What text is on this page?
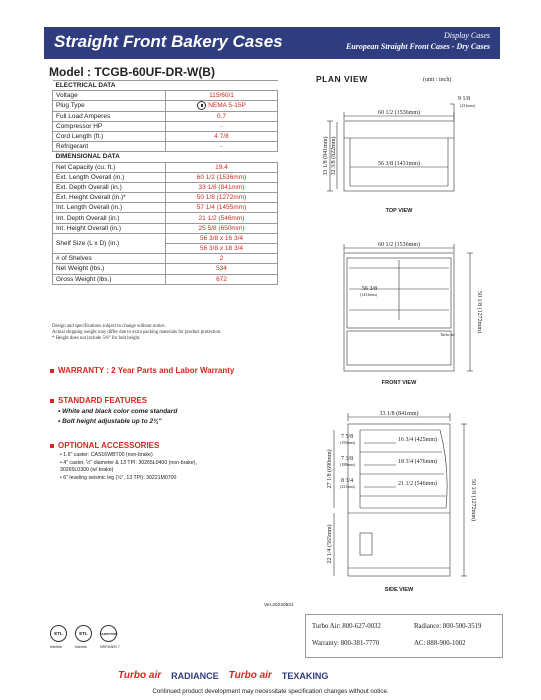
Straight Front Bakery Cases	Display Cases
European Straight Front Cases - Dry Cases
Model : TCGB-60UF-DR-W(B)
ELECTRICAL DATA	
Voltage	115/60/1
Plug Type	NEMA 5-15P
Full Load Amperes	0.7
Compressor HP	-
Cord Length (ft.)	4 7/8
Refrigerant	-
DIMENSIONAL DATA	
Net Capacity (cu. ft.)	19.4
Ext. Length Overall (in.)	60 1/2 (1536mm)
Ext. Depth Overall (in.)	33 1/8 (841mm)
Ext. Height Overall (in.)*	50 1/8 (1272mm)
Int. Length Overall (in.)	57 1/4 (1455mm)
Int. Depth Overall (in.)	21 1/2 (546mm)
Int. Height Overall (in.)	25 5/8 (650mm)
Shelf Size (L x D) (in.)	56 3/8 x 16 3/4
	56 3/8 x 18 3/4
# of Shelves	2
Net Weight (lbs.)	534
Gross Weight (lbs.)	672
Design and specifications subject to change without notice.
Actual shipping weight may differ due to extra packing materials for product protection.
* Height does not include 5/8" for bolt height.
WARRANTY : 2 Year Parts and Labor Warranty
STANDARD FEATURES
• White and black color come standard
• Bolt height adjustable up to 2¾"
OPTIONAL ACCESSORIES
• 1.6" caster: CAS16WBT00 (non-brake)
• 4" caster, ½" diameter & 13 TPI: 30265L0400 (non-brake),
30265L0300 (w/ brake)
• 6" leveling seismic leg (½", 13 TPI): 30221M0700
Ver.20240531
ETL
Intertek
ETL
Intertek
SANITATION
NSF/ANSI 7
Turbo Air: 800-627-0032	Radiance: 800-500-3519
Warranty: 800-381-7770	AC: 888-900-1002
Turbo air RADIANCE Turbo air TEXAKING
Continued product development may necessitate specification changes without notice.
PLAN VIEW	(unit : inch)
60 1/2 (1536mm)
56 3/8 (1431mm)
9 1/8
(231mm)
33 1/8 (841mm) 32 3/8 (822mm)
TOP VIEW
60 1/2 (1536mm)
56 3/8
(1431mm)
Turbo air
50 1/8 (1272mm)
FRONT VIEW
33 1/8 (841mm)
7 5/8
(195mm)
7 3/8
(188mm)
8 3/4
(221mm)
16 3/4 (425mm)
18 3/4 (476mm)
21 1/2 (546mm)
27 1/8 (690mm)
22 1/4 (565mm)
50 1/8 (1272mm)
SIDE VIEW
